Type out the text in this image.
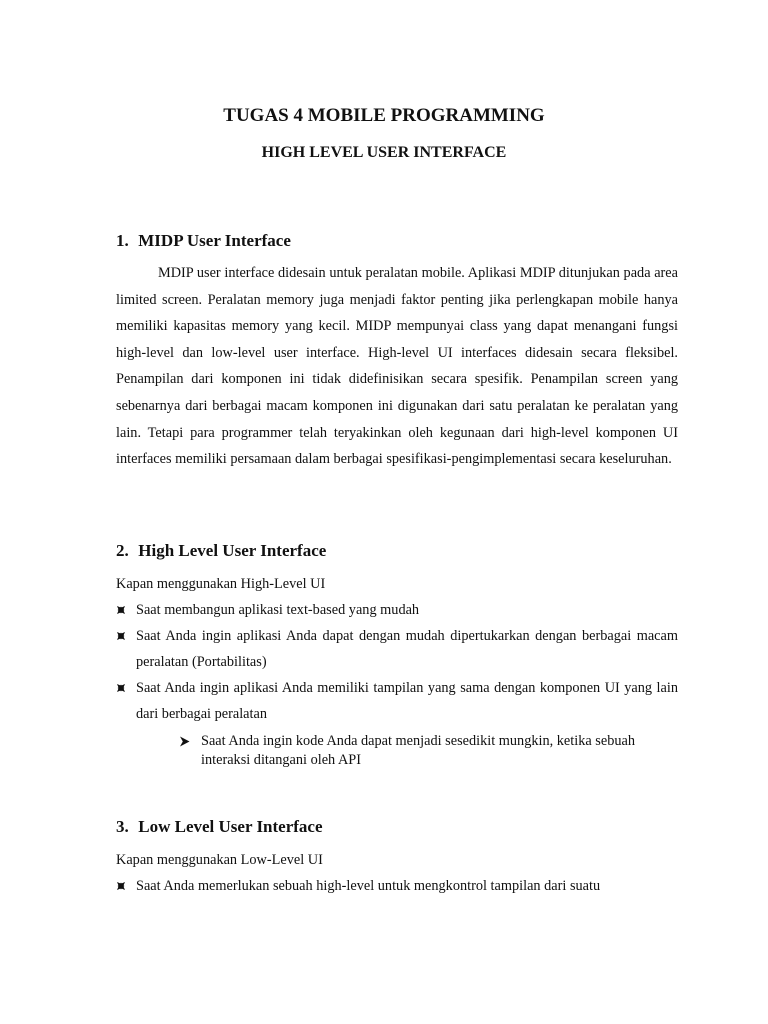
TUGAS 4 MOBILE PROGRAMMING
HIGH LEVEL USER INTERFACE
1. MIDP User Interface

MDIP user interface didesain untuk peralatan mobile. Aplikasi MDIP ditunjukan pada area limited screen. Peralatan memory juga menjadi faktor penting jika perlengkapan mobile hanya memiliki kapasitas memory yang kecil. MIDP mempunyai class yang dapat menangani fungsi high-level dan low-level user interface. High-level UI interfaces didesain secara fleksibel. Penampilan dari komponen ini tidak didefinisikan secara spesifik. Penampilan screen yang sebenarnya dari berbagai macam komponen ini digunakan dari satu peralatan ke peralatan yang lain. Tetapi para programmer telah teryakinkan oleh kegunaan dari high-level komponen UI interfaces memiliki persamaan dalam berbagai spesifikasi-pengimplementasi secara keseluruhan.

2. High Level User Interface

Kapan menggunakan High-Level UI

Saat membangun aplikasi text-based yang mudah
Saat Anda ingin aplikasi Anda dapat dengan mudah dipertukarkan dengan berbagai macam peralatan (Portabilitas)
Saat Anda ingin aplikasi Anda memiliki tampilan yang sama dengan komponen UI yang lain dari berbagai peralatan
Saat Anda ingin kode Anda dapat menjadi sesedikit mungkin, ketika sebuah interaksi ditangani oleh API
3. Low Level User Interface

Kapan menggunakan Low-Level UI

Saat Anda memerlukan sebuah high-level untuk mengkontrol tampilan dari suatu
